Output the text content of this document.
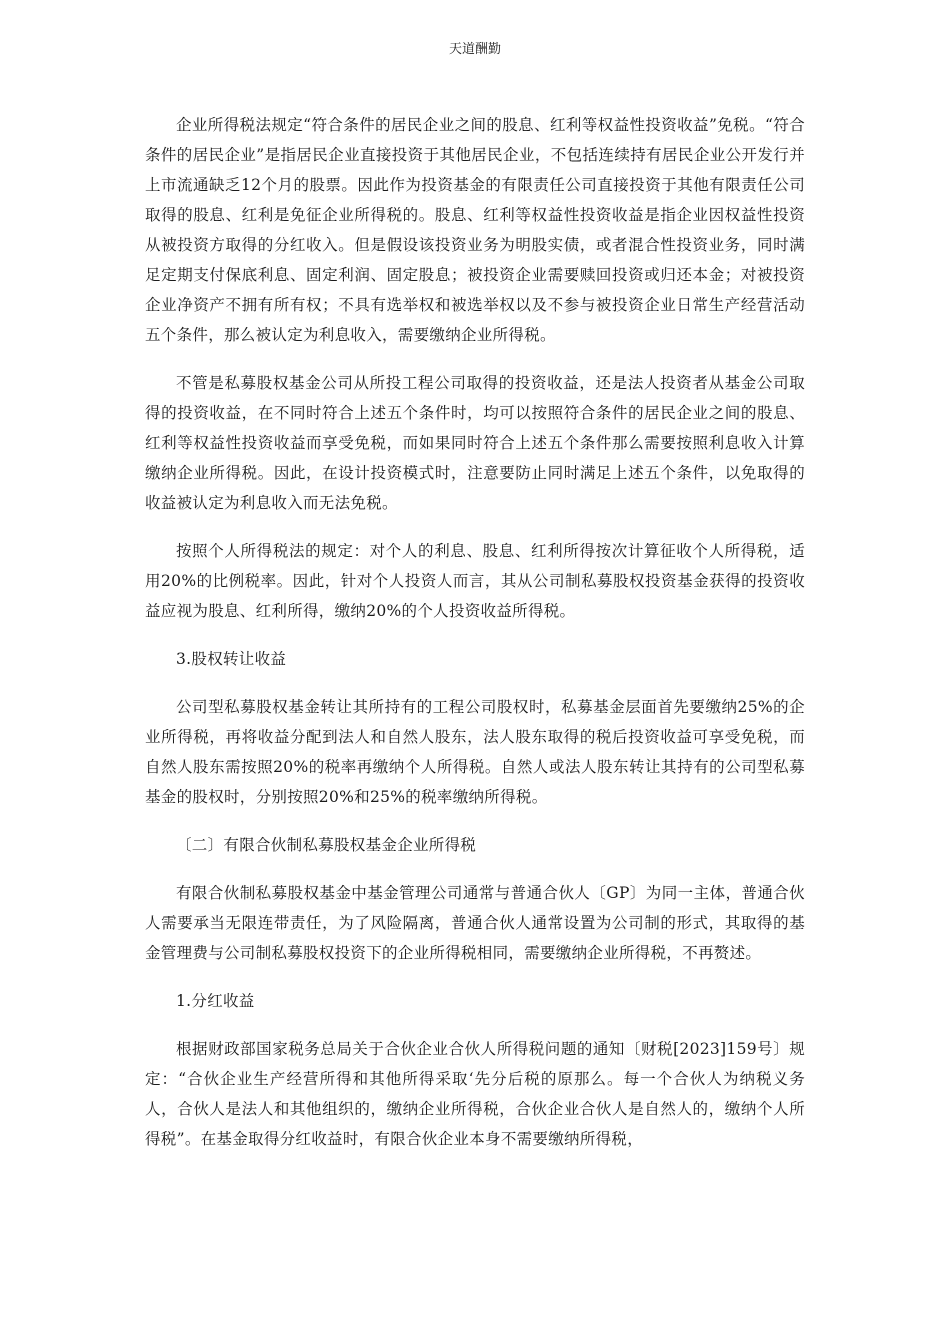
天道酬勤

企业所得税法规定“符合条件的居民企业之间的股息、红利等权益性投资收益”免税。“符合条件的居民企业”是指居民企业直接投资于其他居民企业，不包括连续持有居民企业公开发行并上市流通缺乏12个月的股票。因此作为投资基金的有限责任公司直接投资于其他有限责任公司取得的股息、红利是免征企业所得税的。股息、红利等权益性投资收益是指企业因权益性投资从被投资方取得的分红收入。但是假设该投资业务为明股实债，或者混合性投资业务，同时满足定期支付保底利息、固定利润、固定股息；被投资企业需要赎回投资或归还本金；对被投资企业净资产不拥有所有权；不具有选举权和被选举权以及不参与被投资企业日常生产经营活动五个条件，那么被认定为利息收入，需要缴纳企业所得税。

不管是私募股权基金公司从所投工程公司取得的投资收益，还是法人投资者从基金公司取得的投资收益，在不同时符合上述五个条件时，均可以按照符合条件的居民企业之间的股息、红利等权益性投资收益而享受免税，而如果同时符合上述五个条件那么需要按照利息收入计算缴纳企业所得税。因此，在设计投资模式时，注意要防止同时满足上述五个条件，以免取得的收益被认定为利息收入而无法免税。

按照个人所得税法的规定：对个人的利息、股息、红利所得按次计算征收个人所得税，适用20%的比例税率。因此，针对个人投资人而言，其从公司制私募股权投资基金获得的投资收益应视为股息、红利所得，缴纳20%的个人投资收益所得税。

3.股权转让收益

公司型私募股权基金转让其所持有的工程公司股权时，私募基金层面首先要缴纳25%的企业所得税，再将收益分配到法人和自然人股东，法人股东取得的税后投资收益可享受免税，而自然人股东需按照20%的税率再缴纳个人所得税。自然人或法人股东转让其持有的公司型私募基金的股权时，分别按照20%和25%的税率缴纳所得税。

〔二〕有限合伙制私募股权基金企业所得税

有限合伙制私募股权基金中基金管理公司通常与普通合伙人〔GP〕为同一主体，普通合伙人需要承当无限连带责任，为了风险隔离，普通合伙人通常设置为公司制的形式，其取得的基金管理费与公司制私募股权投资下的企业所得税相同，需要缴纳企业所得税，不再赘述。

1.分红收益

根据财政部国家税务总局关于合伙企业合伙人所得税问题的通知〔财税[2023]159号〕规定：“合伙企业生产经营所得和其他所得采取‘先分后税的原那么。每一个合伙人为纳税义务人，合伙人是法人和其他组织的，缴纳企业所得税，合伙企业合伙人是自然人的，缴纳个人所得税”。在基金取得分红收益时，有限合伙企业本身不需要缴纳所得税，
